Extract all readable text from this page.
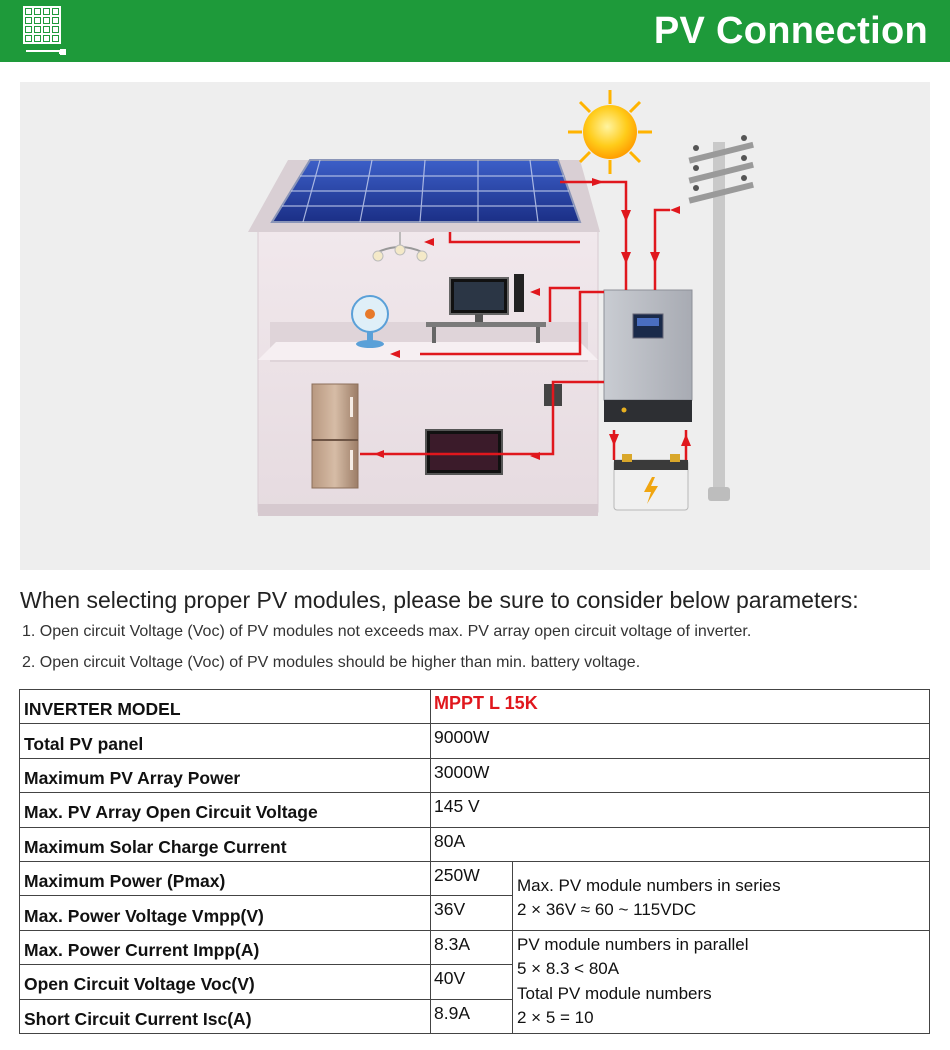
PV Connection
When selecting proper PV modules, please be sure to consider below parameters:
1. Open circuit Voltage (Voc) of PV modules not exceeds max. PV array open circuit voltage of inverter.
2. Open circuit Voltage (Voc) of PV modules should be higher than min. battery voltage.
INVERTER MODEL	MPPT L 15K	
Total PV panel	9000W	
Maximum PV Array Power	3000W	
Max. PV Array Open Circuit Voltage	145 V	
Maximum Solar Charge Current	80A	
Maximum Power (Pmax)	250W	Max. PV module numbers in series
2 × 36V ≈ 60 ~ 115VDC

Max. Power Voltage Vmpp(V)	36V	
Max. Power Current Impp(A)	8.3A	PV module numbers in parallel
5 × 8.3 < 80A
Total PV module numbers
2 × 5 = 10

Open Circuit Voltage Voc(V)	40V	
Short Circuit Current Isc(A)	8.9A	
